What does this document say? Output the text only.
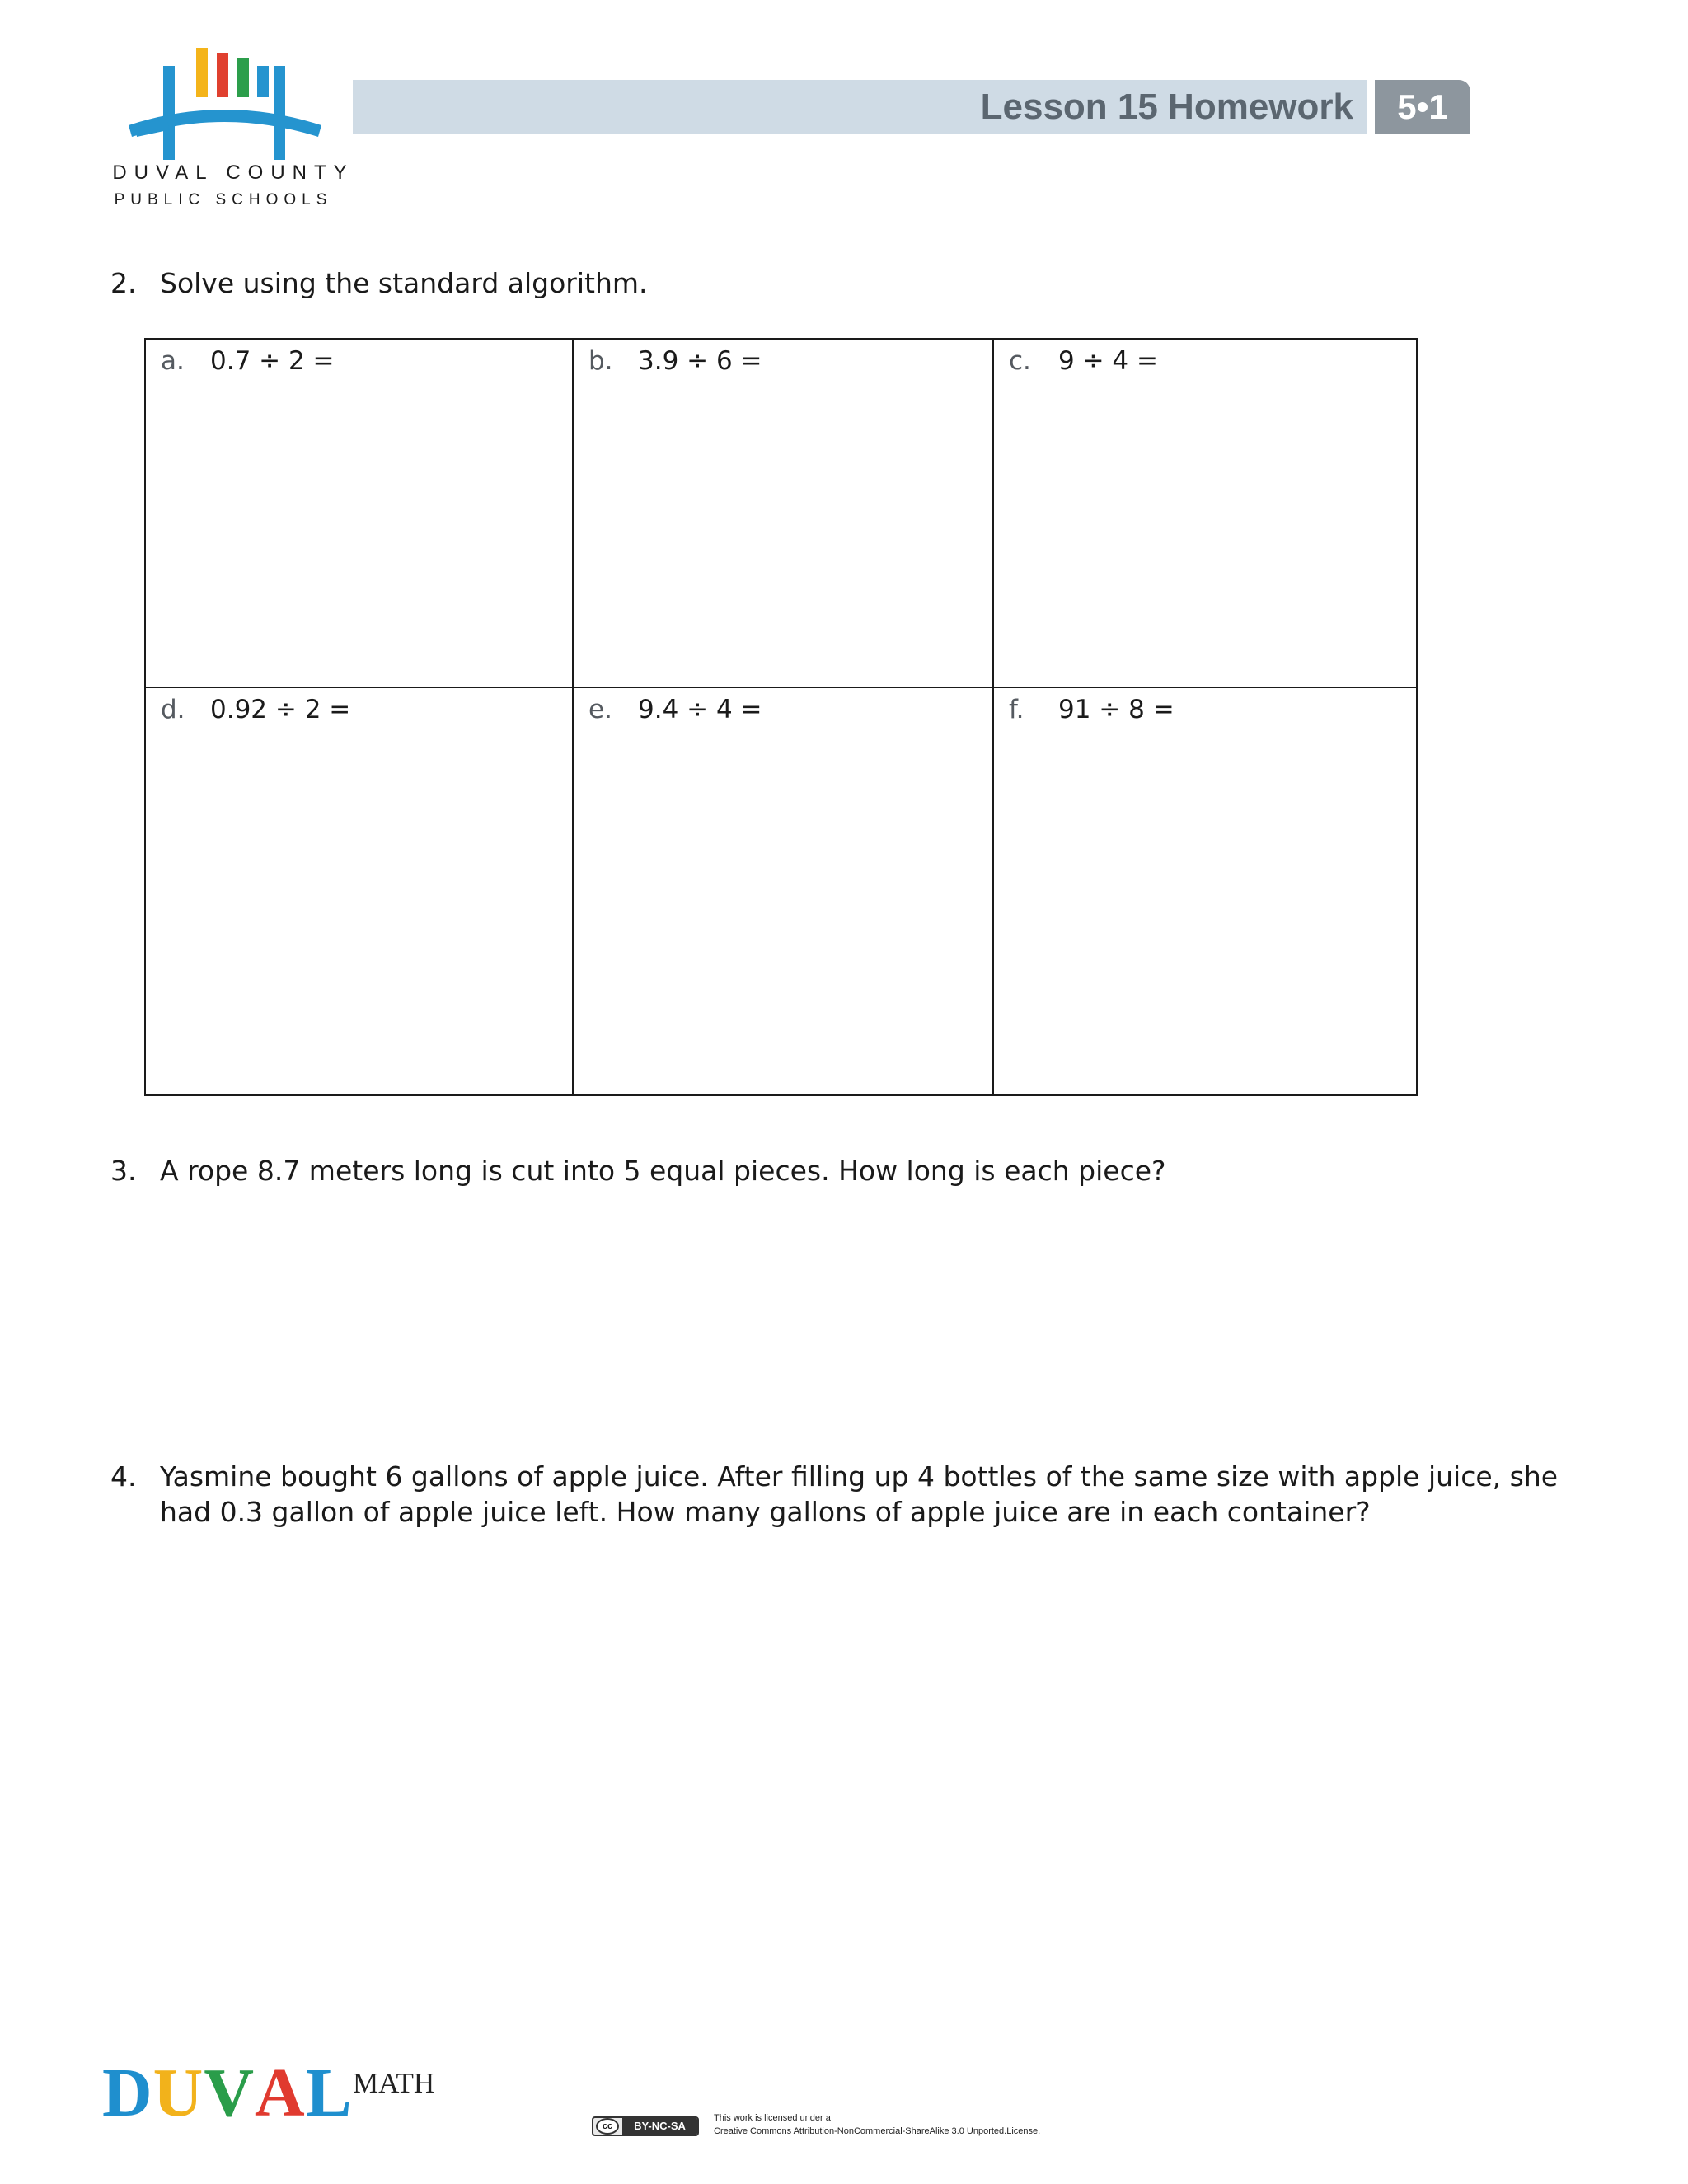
DUVAL COUNTY
PUBLIC SCHOOLS
Lesson 15 Homework	5•1
2. Solve using the standard algorithm.
a. 0.7 ÷ 2 =	b. 3.9 ÷ 6 =	c. 9 ÷ 4 =
d. 0.92 ÷ 2 =	e. 9.4 ÷ 4 =	f. 91 ÷ 8 =
3. A rope 8.7 meters long is cut into 5 equal pieces. How long is each piece?
4. Yasmine bought 6 gallons of apple juice. After filling up 4 bottles of the same size with apple juice, she
had 0.3 gallon of apple juice left. How many gallons of apple juice are in each container?
DUVAL MATH
cc	BY-NC-SA
This work is licensed under a
Creative Commons Attribution-NonCommercial-ShareAlike 3.0 Unported.License.
